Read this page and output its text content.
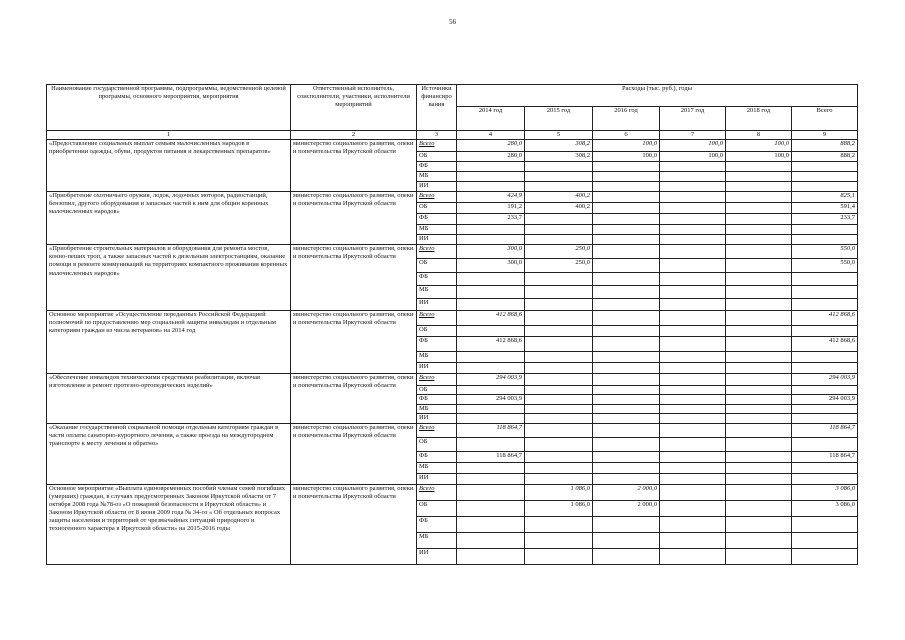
56
Наименование государственной программы, подпрограммы, ведомственной целевой программы, основного мероприятия, мероприятия	Ответственный исполнитель, соисполнители, участники, исполнители мероприятий	Источники финансиро вания	Расходы (тыс. руб.), годы					
			2014 год	2015 год	2016 год	2017 год	2018 год	Всего
1	2	3	4	5	6	7	8	9
«Предоставление социальных выплат семьям малочисленных народов в приобретении одежды, обуви, продуктов питания и лекарственных препаратов»	министерство социального развития, опеки и попечительства Иркутской области	Всего	280,0	308,2	100,0	100,0	100,0	888,2
		ОБ	280,0	308,2	100,0	100,0	100,0	888,2
		ФБ						
		МБ						
		ИИ						
«Приобретение охотничьего оружия, лодок, лодочных моторов, радиостанций, бензопил, другого оборудования и запасных частей к ним для общин коренных малочисленных народов»	министерство социального развития, опеки и попечительства Иркутской области	Всего	424,9	400,2				825,1
		ОБ	191,2	400,2				591,4
		ФБ	233,7					233,7
		МБ						
		ИИ						
«Приобретение строительных материалов и оборудования для ремонта мостов, конно-пеших троп, а также запасных частей к дизельным электростанциям, оказание помощи в ремонте коммуникаций на территориях компактного проживания коренных малочисленных народов»	министерство социального развития, опеки и попечительства Иркутской области	Всего	300,0	250,0				550,0
		ОБ	300,0	250,0				550,0
		ФБ						
		МБ						
		ИИ						
Основное мероприятие «Осуществление переданных Российской Федерацией полномочий по предоставлению мер социальной защиты инвалидам и отдельным категориям граждан из числа ветеранов» на 2014 год	министерство социального развития, опеки и попечительства Иркутской области	Всего	412 868,6					412 868,6
		ОБ						
		ФБ	412 868,6					412 868,6
		МБ						
		ИИ						
«Обеспечение инвалидов техническими средствами реабилитации, включая изготовление и ремонт протезно-ортопедических изделий»	министерство социального развития, опеки и попечительства Иркутской области	Всего	294 003,9					294 003,9
		ОБ						
		ФБ	294 003,9					294 003,9
		МБ						
		ИИ						
«Оказание государственной социальной помощи отдельным категориям граждан в части оплаты санаторно-курортного лечения, а также проезда на междугороднем транспорте к месту лечения и обратно»	министерство социального развития, опеки и попечительства Иркутской области	Всего	118 864,7					118 864,7
		ОБ						
		ФБ	118 864,7					118 864,7
		МБ						
		ИИ						
Основное мероприятие «Выплата единовременных пособий членам семей погибших (умерших) граждан, в случаях предусмотренных Законом Иркутской области от 7 октября 2008 года №78-оз «О пожарной безопасности в Иркутской области» и Законом Иркутской области от 8 июня 2009 года № 34-оз « Об отдельных вопросах защиты населения и территорий от чрезвычайных ситуаций природного и техногенного характера в Иркутской области» на 2015-2016 годы	министерство социального развития, опеки и попечительства Иркутской области	Всего		1 086,0	2 000,0			3 086,0
		ОБ		1 086,0	2 000,0			3 086,0
		ФБ						
		МБ						
		ИИ						
